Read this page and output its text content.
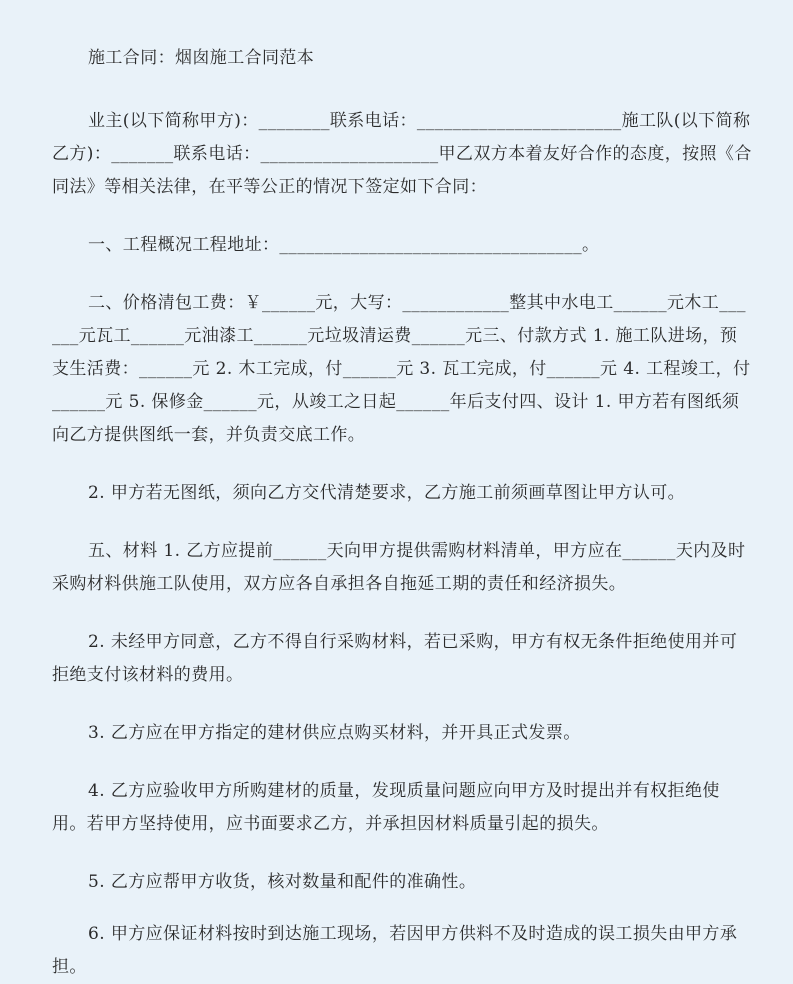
施工合同：烟囱施工合同范本

业主(以下简称甲方)：________联系电话：_______________________施工队(以下简称乙方)：_______联系电话：____________________甲乙双方本着友好合作的态度，按照《合同法》等相关法律，在平等公正的情况下签定如下合同：

一、工程概况工程地址：__________________________________。

二、价格清包工费：￥______元，大写：____________整其中水电工______元木工______元瓦工______元油漆工______元垃圾清运费______元三、付款方式 1. 施工队进场，预支生活费：______元 2. 木工完成，付______元 3. 瓦工完成，付______元 4. 工程竣工，付______元 5. 保修金______元，从竣工之日起______年后支付四、设计 1. 甲方若有图纸须向乙方提供图纸一套，并负责交底工作。

2. 甲方若无图纸，须向乙方交代清楚要求，乙方施工前须画草图让甲方认可。

五、材料 1. 乙方应提前______天向甲方提供需购材料清单，甲方应在______天内及时采购材料供施工队使用，双方应各自承担各自拖延工期的责任和经济损失。

2. 未经甲方同意，乙方不得自行采购材料，若已采购，甲方有权无条件拒绝使用并可拒绝支付该材料的费用。

3. 乙方应在甲方指定的建材供应点购买材料，并开具正式发票。

4. 乙方应验收甲方所购建材的质量，发现质量问题应向甲方及时提出并有权拒绝使用。若甲方坚持使用，应书面要求乙方，并承担因材料质量引起的损失。

5. 乙方应帮甲方收货，核对数量和配件的准确性。

6. 甲方应保证材料按时到达施工现场，若因甲方供料不及时造成的误工损失由甲方承担。
